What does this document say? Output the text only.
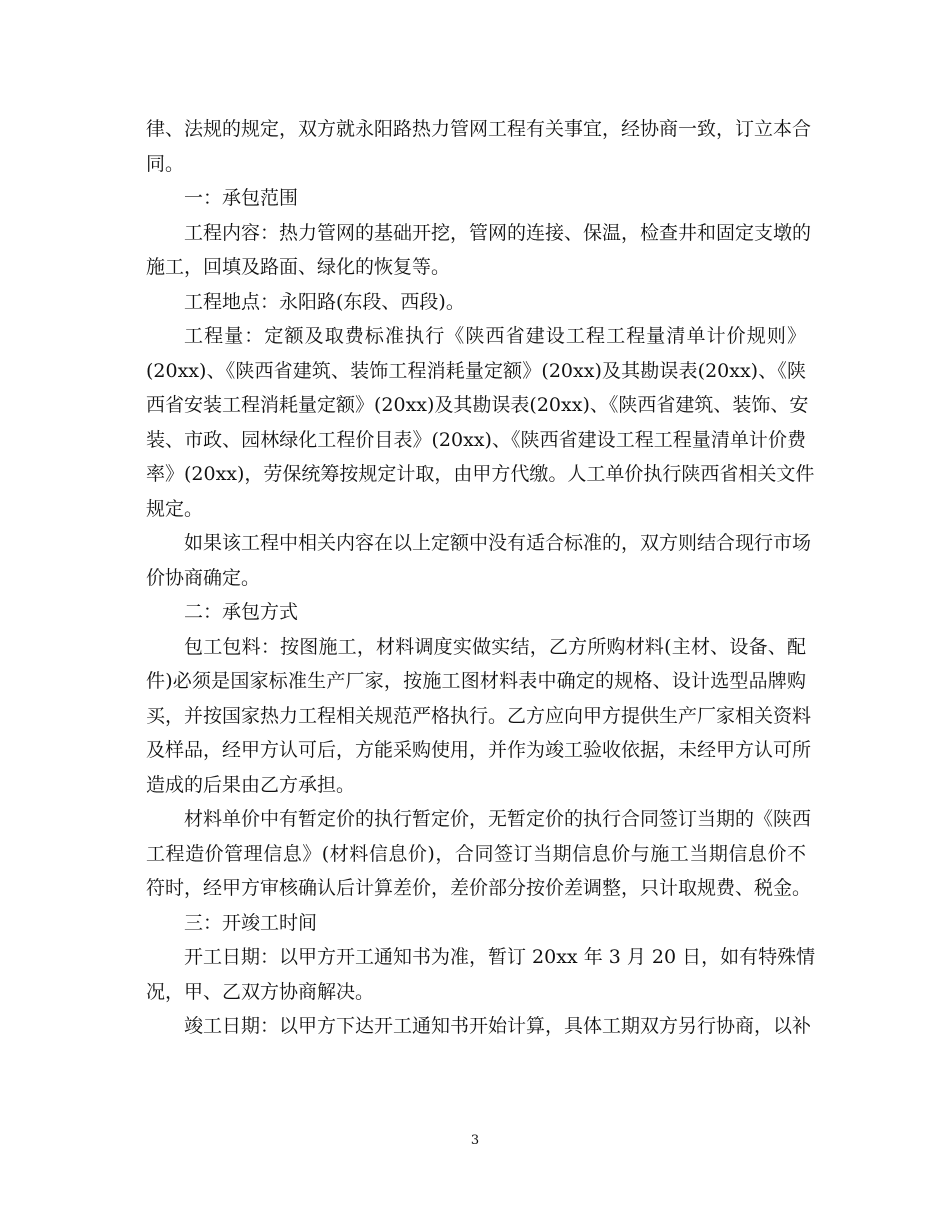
律、法规的规定，双方就永阳路热力管网工程有关事宜，经协商一致，订立本合
同。
一：承包范围
工程内容：热力管网的基础开挖，管网的连接、保温，检查井和固定支墩的
施工，回填及路面、绿化的恢复等。
工程地点：永阳路(东段、西段)。
工程量：定额及取费标准执行《陕西省建设工程工程量清单计价规则》
(20xx)、《陕西省建筑、装饰工程消耗量定额》(20xx)及其勘误表(20xx)、《陕
西省安装工程消耗量定额》(20xx)及其勘误表(20xx)、《陕西省建筑、装饰、安
装、市政、园林绿化工程价目表》(20xx)、《陕西省建设工程工程量清单计价费
率》(20xx)，劳保统筹按规定计取，由甲方代缴。人工单价执行陕西省相关文件
规定。
如果该工程中相关内容在以上定额中没有适合标准的，双方则结合现行市场
价协商确定。
二：承包方式
包工包料：按图施工，材料调度实做实结，乙方所购材料(主材、设备、配
件)必须是国家标准生产厂家，按施工图材料表中确定的规格、设计选型品牌购
买，并按国家热力工程相关规范严格执行。乙方应向甲方提供生产厂家相关资料
及样品，经甲方认可后，方能采购使用，并作为竣工验收依据，未经甲方认可所
造成的后果由乙方承担。
材料单价中有暂定价的执行暂定价，无暂定价的执行合同签订当期的《陕西
工程造价管理信息》(材料信息价)，合同签订当期信息价与施工当期信息价不
符时，经甲方审核确认后计算差价，差价部分按价差调整，只计取规费、税金。
三：开竣工时间
开工日期：以甲方开工通知书为准，暂订 20xx 年 3 月 20 日，如有特殊情
况，甲、乙双方协商解决。
竣工日期：以甲方下达开工通知书开始计算，具体工期双方另行协商，以补
3
